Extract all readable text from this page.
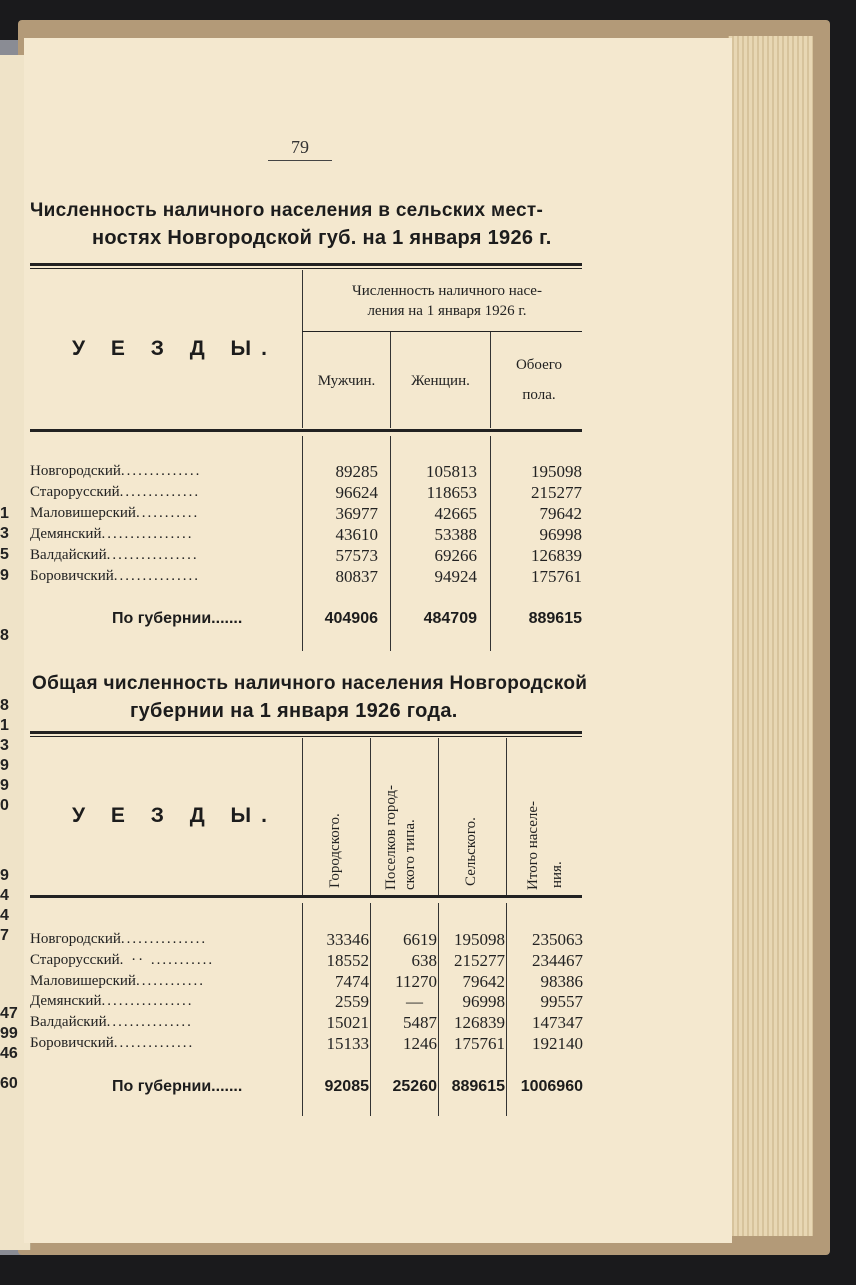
1
3
5
9
8
8
1
3
9
9
0
9
4
4
7
47
99
46
60
79
Численность наличного населения в сельских мест-
ностях Новгородской губ. на 1 января 1926 г.
У Е З Д Ы.
Численность наличного насе-
ления на 1 января 1926 г.
Мужчин.	Женщин.
Обоего
пола.
Новгородский..............	89285	105813	195098
Старорусский..............	96624	118653	215277
Маловишерский...........	36977	42665	79642
Демянский................	43610	53388	96998
Валдайский................	57573	69266	126839
Боровичский...............	80837	94924	175761
По губернии.......	404906	484709	889615
Общая численность наличного населения Новгородской
губернии на 1 января 1926 года.
У Е З Д Ы.	Городского.	Поселков город- ского типа.	Сельского.	Итого населе- ния.
Новгородский...............	33346	6619	195098	235063
Старорусский. ·· ...........	18552	638	215277	234467
Маловишерский............	7474	11270	79642	98386
Демянский................	2559	—	96998	99557
Валдайский...............	15021	5487	126839	147347
Боровичский..............	15133	1246	175761	192140
По губернии.......	92085	25260 889615 1006960
